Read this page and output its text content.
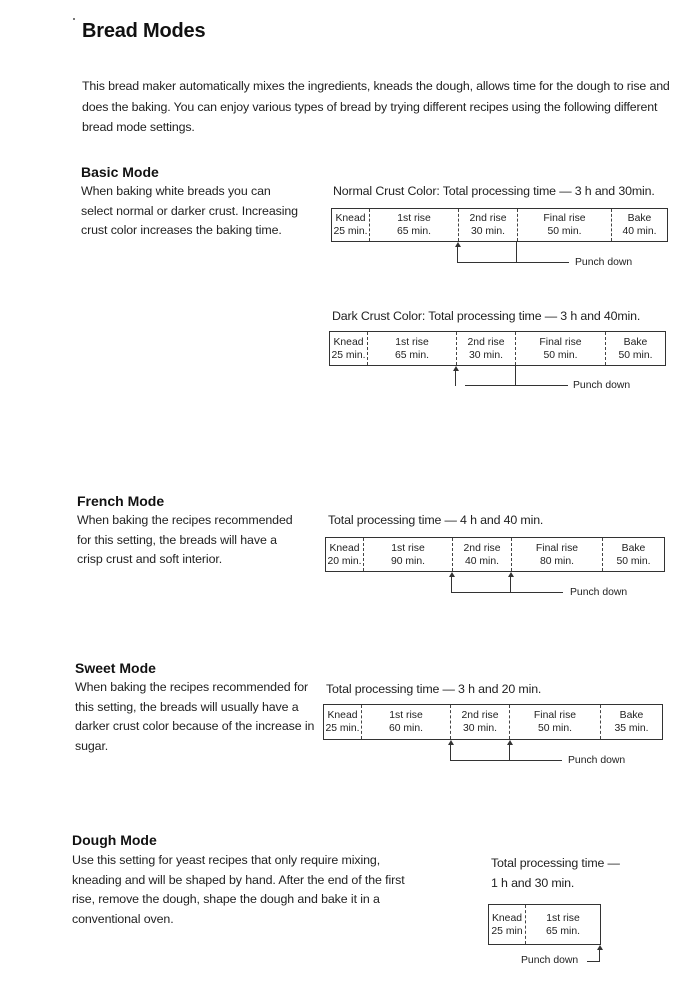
Bread Modes
This bread maker automatically mixes the ingredients, kneads the dough, allows time for the dough to rise and does the baking. You can enjoy various types of bread by trying different recipes using the following different bread mode settings.
Basic Mode
When baking white breads you can select normal or darker crust. Increasing crust color increases the baking time.
Normal Crust Color: Total processing time — 3 h and 30min.
Knead
25 min.
1st rise
65 min.
2nd rise
30 min.
Final rise
50 min.
Bake
40 min.
Punch down
Dark Crust Color: Total processing time — 3 h and 40min.
Knead
25 min.
1st rise
65 min.
2nd rise
30 min.
Final rise
50 min.
Bake
50 min.
Punch down
French Mode
When baking the recipes recommended for this setting, the breads will have a crisp crust and soft interior.
Total processing time — 4 h and 40 min.
Knead
20 min.
1st rise
90 min.
2nd rise
40 min.
Final rise
80 min.
Bake
50 min.
Punch down
Sweet Mode
When baking the recipes recommended for this setting, the breads will usually have a darker crust color because of the increase in sugar.
Total processing time — 3 h and 20 min.
Knead
25 min.
1st rise
60 min.
2nd rise
30 min.
Final rise
50 min.
Bake
35 min.
Punch down
Dough Mode
Use this setting for yeast recipes that only require mixing, kneading and will be shaped by hand. After the end of the first rise, remove the dough, shape the dough and bake it in a conventional oven.
Total processing time —
1 h and 30 min.
Knead
25 min
1st rise
65 min.
Punch down
